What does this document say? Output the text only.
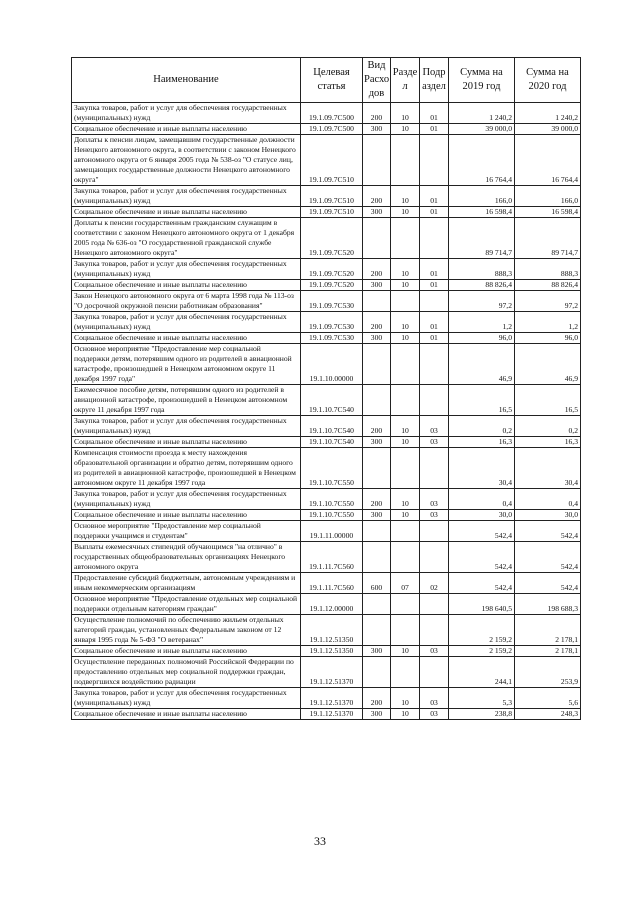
Наименование	Целевая статья	Вид Расхо дов	Разде л	Подр аздел	Сумма на 2019 год	Сумма на 2020 год
Закупка товаров, работ и услуг для обеспечения государственных (муниципальных) нужд	19.1.09.7С500	200	10	01	1 240,2	1 240,2
Социальное обеспечение и иные выплаты населению	19.1.09.7С500	300	10	01	39 000,0	39 000,0
Доплаты к пенсии лицам, замещавшим государственные должности Ненецкого автономного округа, в соответствии с законом Ненецкого автономного округа от 6 января 2005 года № 538-оз "О статусе лиц, замещающих государственные должности Ненецкого автономного округа"	19.1.09.7С510				16 764,4	16 764,4
Закупка товаров, работ и услуг для обеспечения государственных (муниципальных) нужд	19.1.09.7С510	200	10	01	166,0	166,0
Социальное обеспечение и иные выплаты населению	19.1.09.7С510	300	10	01	16 598,4	16 598,4
Доплаты к пенсии государственным гражданским служащим в соответствии с законом Ненецкого автономного округа от 1 декабря 2005 года № 636-оз "О государственной гражданской службе Ненецкого автономного округа"	19.1.09.7С520				89 714,7	89 714,7
Закупка товаров, работ и услуг для обеспечения государственных (муниципальных) нужд	19.1.09.7С520	200	10	01	888,3	888,3
Социальное обеспечение и иные выплаты населению	19.1.09.7С520	300	10	01	88 826,4	88 826,4
Закон Ненецкого автономного округа от 6 марта 1998 года № 113-оз "О досрочной окружной пенсии работникам образования"	19.1.09.7С530				97,2	97,2
Закупка товаров, работ и услуг для обеспечения государственных (муниципальных) нужд	19.1.09.7С530	200	10	01	1,2	1,2
Социальное обеспечение и иные выплаты населению	19.1.09.7С530	300	10	01	96,0	96,0
Основное мероприятие "Предоставление мер социальной поддержки детям, потерявшим одного из родителей в авиационной катастрофе, произошедшей в Ненецком автономном округе 11 декабря 1997 года"	19.1.10.00000				46,9	46,9
Ежемесячное пособие детям, потерявшим одного из родителей в авиационной катастрофе, произошедшей в Ненецком автономном округе 11 декабря 1997 года	19.1.10.7С540				16,5	16,5
Закупка товаров, работ и услуг для обеспечения государственных (муниципальных) нужд	19.1.10.7С540	200	10	03	0,2	0,2
Социальное обеспечение и иные выплаты населению	19.1.10.7С540	300	10	03	16,3	16,3
Компенсация стоимости проезда к месту нахождения образовательной организации и обратно детям, потерявшим одного из родителей в авиационной катастрофе, произошедшей в Ненецком автономном округе 11 декабря 1997 года	19.1.10.7С550				30,4	30,4
Закупка товаров, работ и услуг для обеспечения государственных (муниципальных) нужд	19.1.10.7С550	200	10	03	0,4	0,4
Социальное обеспечение и иные выплаты населению	19.1.10.7С550	300	10	03	30,0	30,0
Основное мероприятие "Предоставление мер социальной поддержки учащимся и студентам"	19.1.11.00000				542,4	542,4
Выплаты ежемесячных стипендий обучающимся "на отлично" в государственных общеобразовательных организациях Ненецкого автономного округа	19.1.11.7С560				542,4	542,4
Предоставление субсидий бюджетным, автономным учреждениям и иным некоммерческим организациям	19.1.11.7С560	600	07	02	542,4	542,4
Основное мероприятие "Предоставление отдельных мер социальной поддержки отдельным категориям граждан"	19.1.12.00000				198 640,5	198 688,3
Осуществление полномочий по обеспечению жильем отдельных категорий граждан, установленных Федеральным законом от 12 января 1995 года № 5-ФЗ "О ветеранах"	19.1.12.51350				2 159,2	2 178,1
Социальное обеспечение и иные выплаты населению	19.1.12.51350	300	10	03	2 159,2	2 178,1
Осуществление переданных полномочий Российской Федерации по предоставлению отдельных мер социальной поддержки граждан, подвергшихся воздействию радиации	19.1.12.51370				244,1	253,9
Закупка товаров, работ и услуг для обеспечения государственных (муниципальных) нужд	19.1.12.51370	200	10	03	5,3	5,6
Социальное обеспечение и иные выплаты населению	19.1.12.51370	300	10	03	238,8	248,3
33
